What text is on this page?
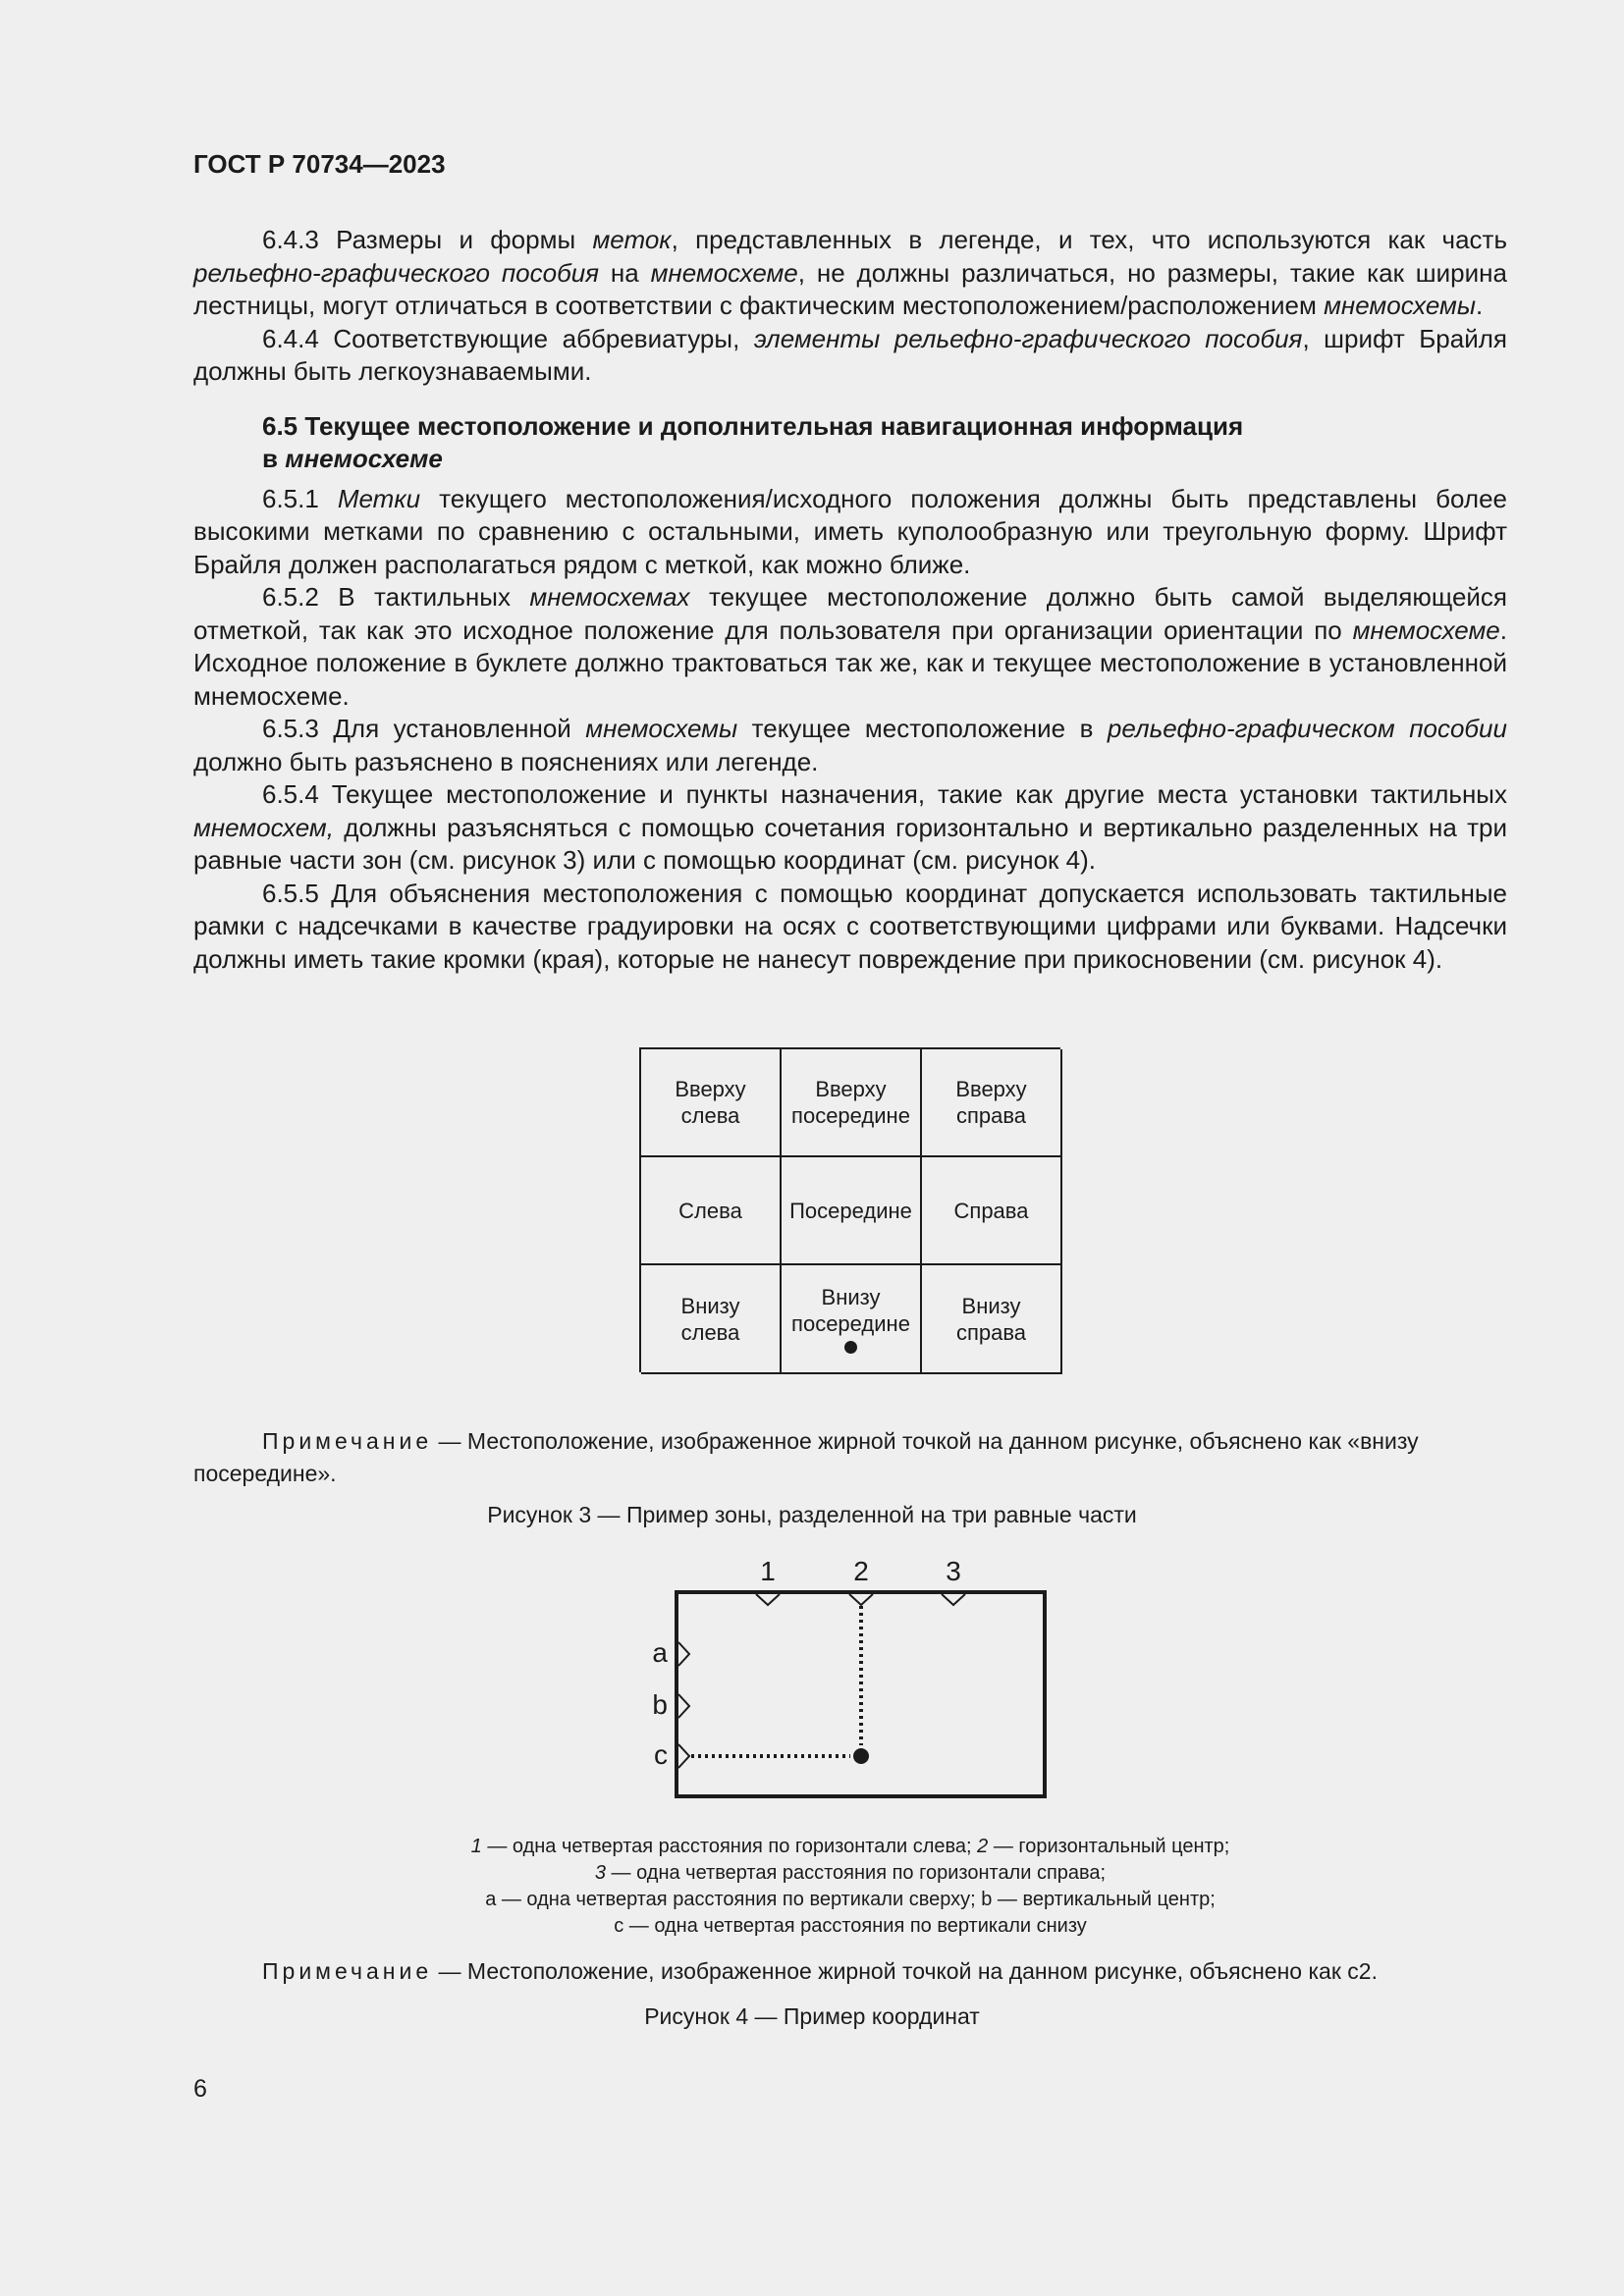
ГОСТ Р 70734—2023

6.4.3 Размеры и формы меток, представленных в легенде, и тех, что используются как часть рельефно-графического пособия на мнемосхеме, не должны различаться, но размеры, такие как ширина лестницы, могут отличаться в соответствии с фактическим местоположением/расположением мнемосхемы.

6.4.4 Соответствующие аббревиатуры, элементы рельефно-графического пособия, шрифт Брайля должны быть легкоузнаваемыми.

6.5 Текущее местоположение и дополнительная навигационная информация
в мнемосхеме

6.5.1 Метки текущего местоположения/исходного положения должны быть представлены более высокими метками по сравнению с остальными, иметь куполообразную или треугольную форму. Шрифт Брайля должен располагаться рядом с меткой, как можно ближе.

6.5.2 В тактильных мнемосхемах текущее местоположение должно быть самой выделяющейся отметкой, так как это исходное положение для пользователя при организации ориентации по мнемосхеме. Исходное положение в буклете должно трактоваться так же, как и текущее местоположение в установленной мнемосхеме.

6.5.3 Для установленной мнемосхемы текущее местоположение в рельефно-графическом пособии должно быть разъяснено в пояснениях или легенде.

6.5.4 Текущее местоположение и пункты назначения, такие как другие места установки тактильных мнемосхем, должны разъясняться с помощью сочетания горизонтально и вертикально разделенных на три равные части зон (см. рисунок 3) или с помощью координат (см. рисунок 4).

6.5.5 Для объяснения местоположения с помощью координат допускается использовать тактильные рамки с надсечками в качестве градуировки на осях с соответствующими цифрами или буквами. Надсечки должны иметь такие кромки (края), которые не нанесут повреждение при прикосновении (см. рисунок 4).

Вверху
слева
Вверху
посередине
Вверху
справа
Слева Посередине Справа
Внизу
слева
Внизу
посередине
Внизу
справа
Примечание — Местоположение, изображенное жирной точкой на данном рисунке, объяснено как «внизу посередине».
Рисунок 3 — Пример зоны, разделенной на три равные части
1	2	3
a
b
c
1 — одна четвертая расстояния по горизонтали слева; 2 — горизонтальный центр;
3 — одна четвертая расстояния по горизонтали справа;
а — одна четвертая расстояния по вертикали сверху; b — вертикальный центр;
с — одна четвертая расстояния по вертикали снизу
Примечание — Местоположение, изображенное жирной точкой на данном рисунке, объяснено как с2.
Рисунок 4 — Пример координат
6
